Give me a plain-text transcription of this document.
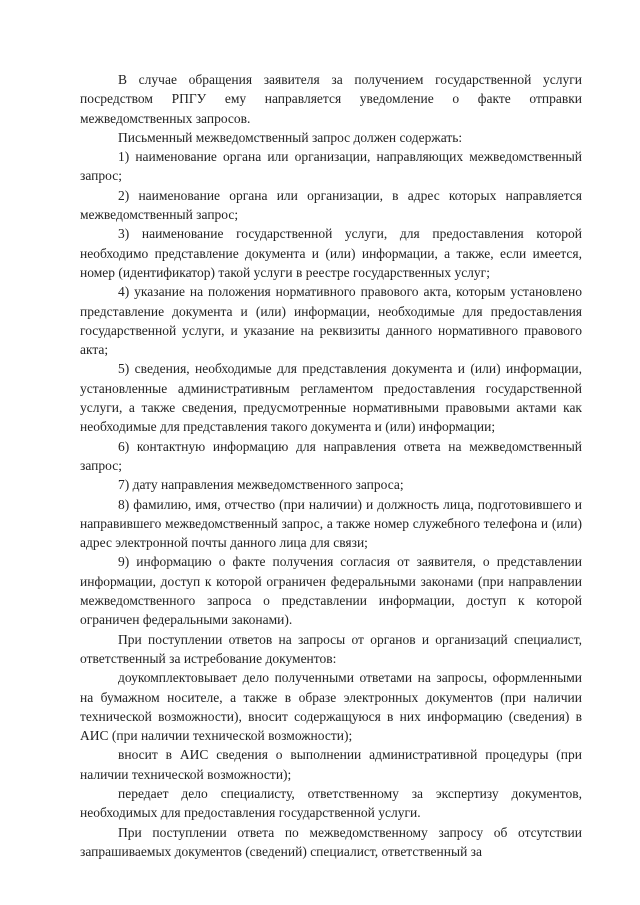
В случае обращения заявителя за получением государственной услуги посредством РПГУ ему направляется уведомление о факте отправки межведомственных запросов.

Письменный межведомственный запрос должен содержать:

1) наименование органа или организации, направляющих межведомственный запрос;

2) наименование органа или организации, в адрес которых направляется межведомственный запрос;

3) наименование государственной услуги, для предоставления которой необходимо представление документа и (или) информации, а также, если имеется, номер (идентификатор) такой услуги в реестре государственных услуг;

4) указание на положения нормативного правового акта, которым установлено представление документа и (или) информации, необходимые для предоставления государственной услуги, и указание на реквизиты данного нормативного правового акта;

5) сведения, необходимые для представления документа и (или) информации, установленные административным регламентом предоставления государственной услуги, а также сведения, предусмотренные нормативными правовыми актами как необходимые для представления такого документа и (или) информации;

6) контактную информацию для направления ответа на межведомственный запрос;

7) дату направления межведомственного запроса;

8) фамилию, имя, отчество (при наличии) и должность лица, подготовившего и направившего межведомственный запрос, а также номер служебного телефона и (или) адрес электронной почты данного лица для связи;

9) информацию о факте получения согласия от заявителя, о представлении информации, доступ к которой ограничен федеральными законами (при направлении межведомственного запроса о представлении информации, доступ к которой ограничен федеральными законами).

При поступлении ответов на запросы от органов и организаций специалист, ответственный за истребование документов:

доукомплектовывает дело полученными ответами на запросы, оформленными на бумажном носителе, а также в образе электронных документов (при наличии технической возможности), вносит содержащуюся в них информацию (сведения) в АИС (при наличии технической возможности);

вносит в АИС сведения о выполнении административной процедуры (при наличии технической возможности);

передает дело специалисту, ответственному за экспертизу документов, необходимых для предоставления государственной услуги.

При поступлении ответа по межведомственному запросу об отсутствии запрашиваемых документов (сведений) специалист, ответственный за
